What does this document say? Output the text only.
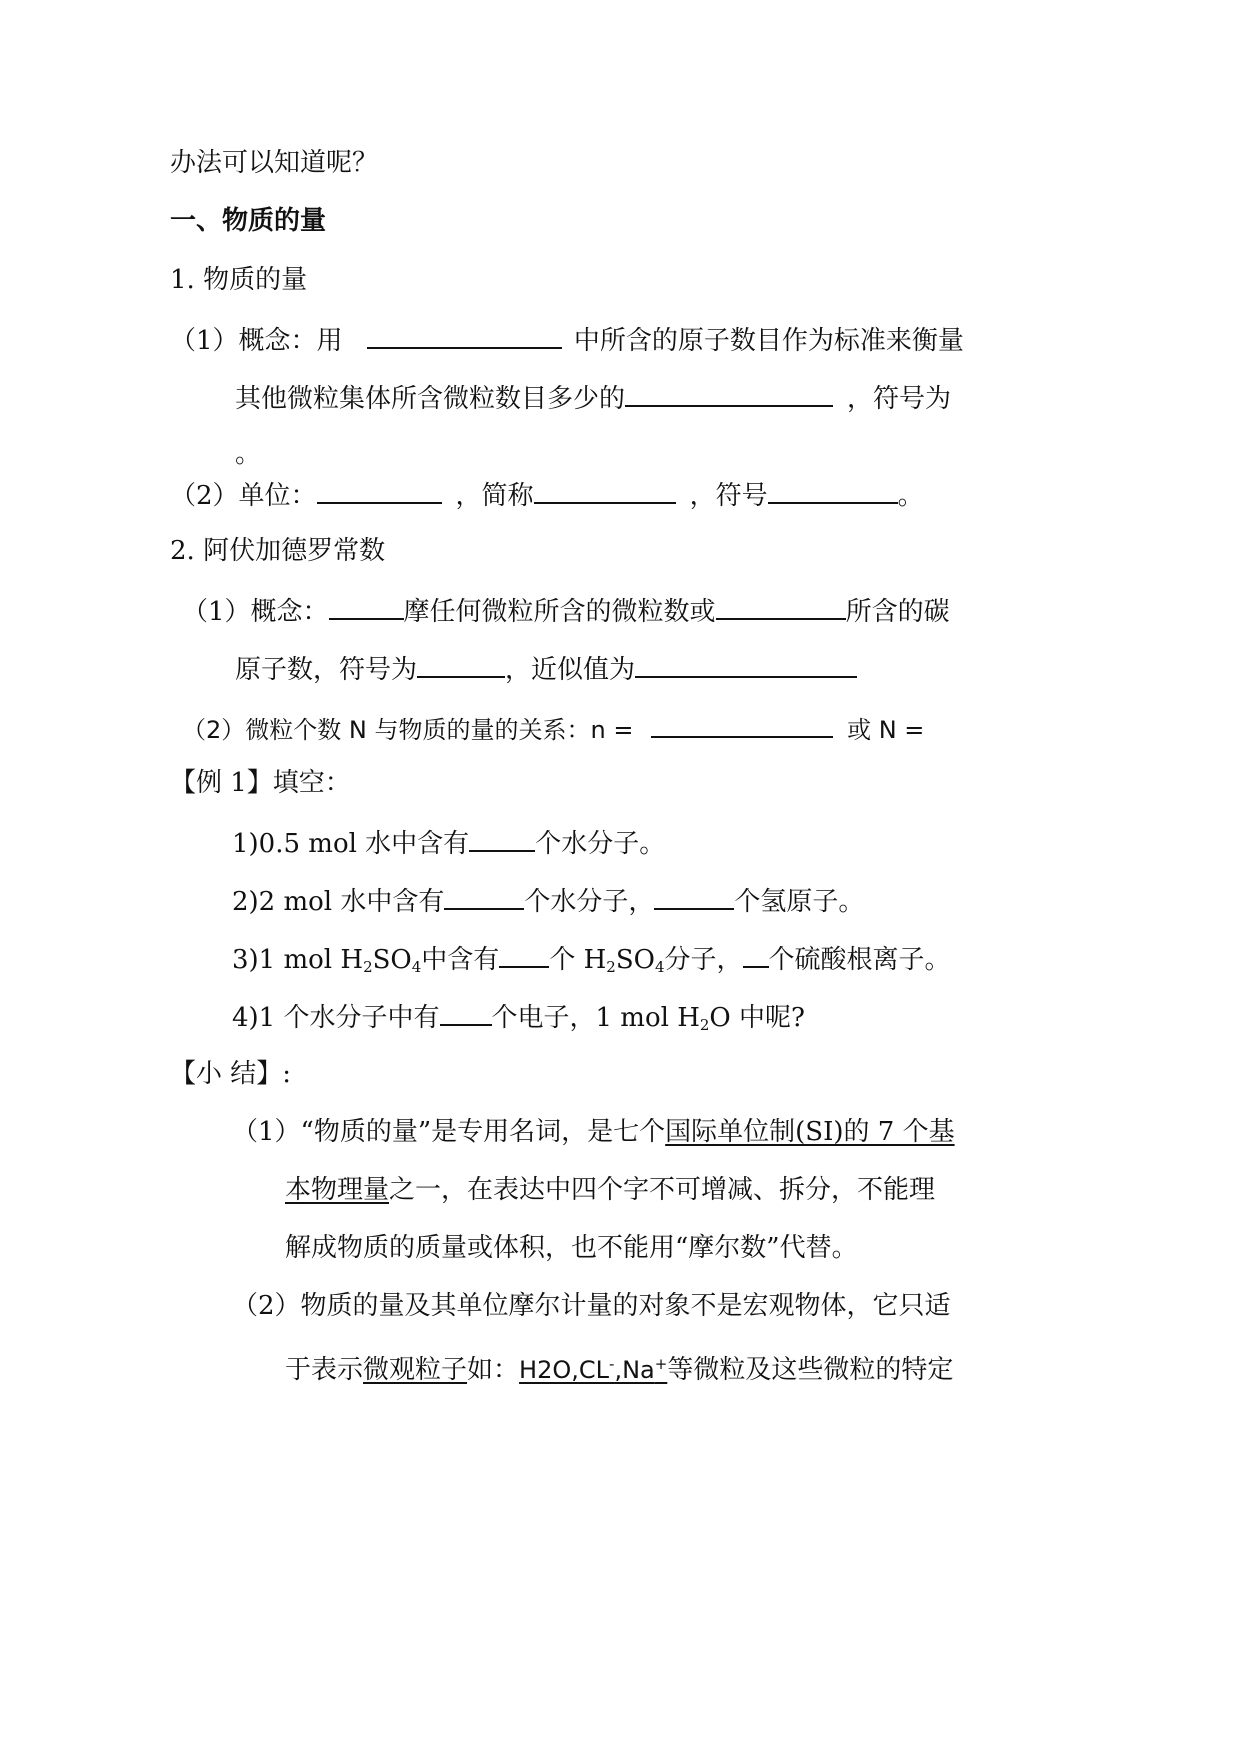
办法可以知道呢？
一、物质的量
1. 物质的量
（1）概念：用	中所含的原子数目作为标准来衡量
其他微粒集体所含微粒数目多少的	，符号为
。
（2）单位：	，简称	，符号	。
2. 阿伏加德罗常数
（1）概念：	摩任何微粒所含的微粒数或	所含的碳
原子数，符号为	，近似值为
（2）微粒个数 N 与物质的量的关系：n =	或 N =
【例 1】填空：
1)0.5 mol 水中含有	个水分子。
2)2 mol 水中含有	个水分子，	个氢原子。
3)1 mol $H_2SO_4$中含有 个 $H_2SO_4$分子， 个硫酸根离子。
4)1 个水分子中有 个电子，1 mol $H_2O$ 中呢?
【小 结】:
（1）“物质的量”是专用名词，是七个国际单位制(SI)的 7 个基
本物理量之一，在表达中四个字不可增减、拆分，不能理
解成物质的质量或体积，也不能用“摩尔数”代替。
（2）物质的量及其单位摩尔计量的对象不是宏观物体，它只适
于表示微观粒子如：H2O,CL-,Na+等微粒及这些微粒的特定
